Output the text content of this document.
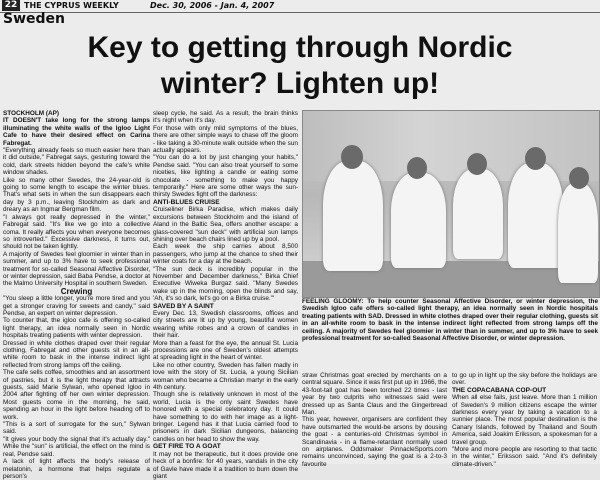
22 THE CYPRUS WEEKLY	Dec. 30, 2006 - Jan. 4, 2007
Sweden
Key to getting through Nordic
winter? Lighten up!

STOCKHOLM (AP)

IT DOESN'T take long for the strong lamps illuminating the white walls of the Igloo Light Cafe to have their desired effect on Carina Fabregat.

"Everything already feels so much easier here than it did outside," Fabregat says, gesturing toward the cold, dark streets hidden beyond the cafe's white window shades.

Like so many other Swedes, the 24-year-old is going to some length to escape the winter blues. That's what sets in when the sun disappears each day by 3 p.m., leaving Stockholm as dark and dreary as an Ingmar Bergman film.

"I always got really depressed in the winter," Fabregat said. "It's like we go into a collective coma. It really affects you when everyone becomes so introverted." Excessive darkness, it turns out, should not be taken lightly.

A majority of Swedes feel gloomier in winter than in summer, and up to 3% have to seek professional treatment for so-called Seasonal Affective Disorder, or winter depression, said Baba Pendse, a doctor at the Malmo University Hospital in southern Sweden.

Crewing

"You sleep a little longer, you're more tired and you get a stronger craving for sweets and candy," said Pendse, an expert on winter depression.

To counter that, the igloo cafe is offering so-called light therapy, an idea normally seen in Nordic hospitals treating patients with winter depression.

Dressed in white clothes draped over their regular clothing, Fabregat and other guests sit in an all-white room to bask in the intense indirect light reflected from strong lamps off the ceiling.

The cafe sells coffee, smoothies and an assortment of pastries, but it is the light therapy that attracts guests, said Marie Sylwan, who opened Igloo in 2004 after fighting off her own winter depression. Most guests come in the morning, he said, spending an hour in the light before heading off to work.

"This is a sort of surrogate for the sun," Sylwan said.

"It gives your body the signal that it's actually day." While the "sun" is artificial, the effect on the mind is real, Pendse said.

A lack of light affects the body's release of melatonin, a hormone that helps regulate a person's

sleep cycle, he said. As a result, the brain thinks it's night when it's day.

For those with only mild symptoms of the blues, there are other simple ways to chase off the gloom - like taking a 30-minute walk outside when the sun actually appears.

"You can do a lot by just changing your habits," Pendse said. "You can also treat yourself to some niceties, like lighting a candle or eating some chocolate - something to make you happy temporarily." Here are some other ways the sun-thirsty Swedes fight off the darkness:

ANTI-BLUES CRUISE

Cruiseliner Birka Paradise, which makes daily excursions between Stockholm and the island of Aland in the Baltic Sea, offers another escape: a glass-covered "sun deck" with artificial sun lamps shining over beach chairs lined up by a pool.

Each week the ship carries about 8,500 passengers, who jump at the chance to shed their winter coats for a day at the beach.

"The sun deck is incredibly popular in the November and December darkness," Birka Chief Executive Wiweka Burgaz said. "Many Swedes wake up in the morning, open the blinds and say, 'Ah, it's so dark, let's go on a Birka cruise.'"

SAVED BY A SAINT

Every Dec. 13, Swedish classrooms, offices and city streets are lit up by young, beautiful women wearing white robes and a crown of candles in their hair.

More than a feast for the eye, the annual St. Lucia processions are one of Sweden's oldest attempts at spreading light in the heart of winter.

Like no other country, Sweden has fallen madly in love with the story of St. Lucia, a young Sicilian woman who became a Christian martyr in the early 4th century.

Though she is relatively unknown in most of the world, Lucia is the only saint Swedes have honored with a special celebratory day. It could have something to do with her image as a light-bringer. Legend has it that Lucia carried food to prisoners in dark Sicilian dungeons, balancing candles on her head to show the way.

GET FIRE TO A GOAT

It may not be therapeutic, but it does provide one heck of a bonfire: for 40 years, vandals in the city of Gavle have made it a tradition to burn down the giant

FEELING GLOOMY: To help counter Seasonal Affective Disorder, or winter depression, the Swedish Igloo cafe offers so-called light therapy, an idea normally seen in Nordic hospitals treating patients with SAD. Dressed in white clothes draped over their regular clothing, guests sit in an all-white room to bask in the intense indirect light reflected from strong lamps off the ceiling. A majority of Swedes feel gloomier in winter than in summer, and up to 3% have to seek professional treatment for so-called Seasonal Affective Disorder, or winter depression.

straw Christmas goat erected by merchants on a central square. Since it was first put up in 1966, the 43-foot-tall goat has been torched 22 times - last year by two culprits who witnesses said were dressed up as Santa Claus and the Gingerbread Man.

This year, however, organisers are confident they have outsmarted the would-be arsons by dousing the goat - a centuries-old Christmas symbol in Scandinavia - in a flame-retardant normally used on airplanes. Oddsmaker PinnacleSports.com remains unconvinced, saying the goat is a 2-to-3 favourite

to go up in light up the sky before the holidays are over.

THE COPACABANA COP-OUT

When all else fails, just leave. More than 1 million of Sweden's 9 million citizens escape the winter darkness every year by taking a vacation to a sunnier place. The most popular destination is the Canary Islands, followed by Thailand and South America, said Joakim Eriksson, a spokesman for a travel group.

"More and more people are resorting to that tactic in the winter," Eriksson said. "And it's definitely climate-driven."
